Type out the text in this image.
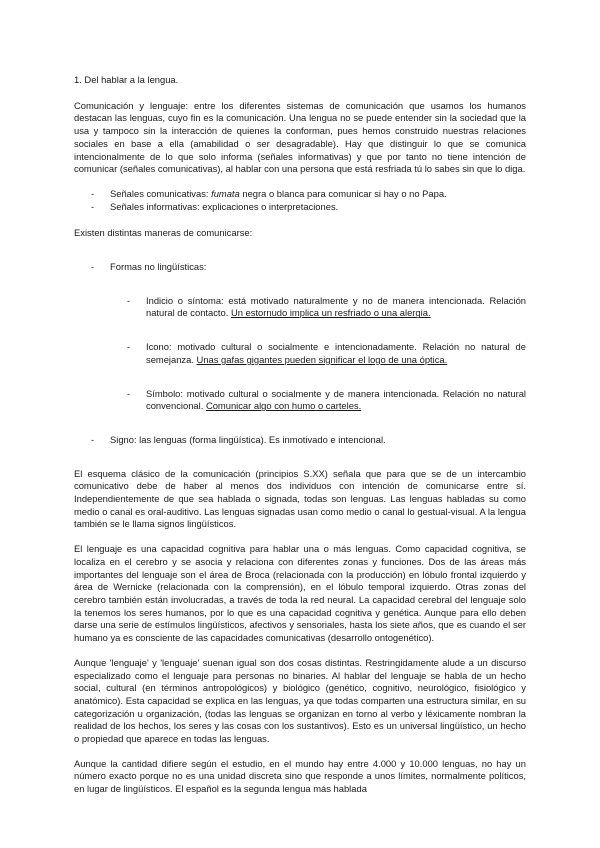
1. Del hablar a la lengua.

Comunicación y lenguaje: entre los diferentes sistemas de comunicación que usamos los humanos destacan las lenguas, cuyo fin es la comunicación. Una lengua no se puede entender sin la sociedad que la usa y tampoco sin la interacción de quienes la conforman, pues hemos construido nuestras relaciones sociales en base a ella (amabilidad o ser desagradable). Hay que distinguir lo que se comunica intencionalmente de lo que solo informa (señales informativas) y que por tanto no tiene intención de comunicar (señales comunicativas), al hablar con una persona que está resfriada tú lo sabes sin que lo diga.

- Señales comunicativas: fumata negra o blanca para comunicar si hay o no Papa.
- Señales informativas: explicaciones o interpretaciones.

Existen distintas maneras de comunicarse:

- Formas no lingüísticas:
- Indicio o síntoma: está motivado naturalmente y no de manera intencionada. Relación natural de contacto. Un estornudo implica un resfriado o una alergia.
- Icono: motivado cultural o socialmente e intencionadamente. Relación no natural de semejanza. Unas gafas gigantes pueden significar el logo de una óptica.
- Símbolo: motivado cultural o socialmente y de manera intencionada. Relación no natural convencional. Comunicar algo con humo o carteles.
- Signo: las lenguas (forma lingüística). Es inmotivado e intencional.

El esquema clásico de la comunicación (principios S.XX) señala que para que se de un intercambio comunicativo debe de haber al menos dos individuos con intención de comunicarse entre sí. Independientemente de que sea hablada o signada, todas son lenguas. Las lenguas habladas su como medio o canal es oral-auditivo. Las lenguas signadas usan como medio o canal lo gestual-visual. A la lengua también se le llama signos lingüísticos.

El lenguaje es una capacidad cognitiva para hablar una o más lenguas. Como capacidad cognitiva, se localiza en el cerebro y se asocia y relaciona con diferentes zonas y funciones. Dos de las áreas más importantes del lenguaje son el área de Broca (relacionada con la producción) en lóbulo frontal izquierdo y área de Wernicke (relacionada con la comprensión), en el lóbulo temporal izquierdo. Otras zonas del cerebro también están involucradas, a través de toda la red neural. La capacidad cerebral del lenguaje solo la tenemos los seres humanos, por lo que es una capacidad cognitiva y genética. Aunque para ello deben darse una serie de estímulos lingüísticos, afectivos y sensoriales, hasta los siete años, que es cuando el ser humano ya es consciente de las capacidades comunicativas (desarrollo ontogenético).

Aunque 'lenguaje' y 'lenguaje' suenan igual son dos cosas distintas. Restringidamente alude a un discurso especializado como el lenguaje para personas no binaries. Al hablar del lenguaje se habla de un hecho social, cultural (en términos antropológicos) y biológico (genético, cognitivo, neurológico, fisiológico y anatómico). Esta capacidad se explica en las lenguas, ya que todas comparten una estructura similar, en su categorización u organización, (todas las lenguas se organizan en torno al verbo y léxicamente nombran la realidad de los hechos, los seres y las cosas con los sustantivos). Esto es un universal lingüístico, un hecho o propiedad que aparece en todas las lenguas.

Aunque la cantidad difiere según el estudio, en el mundo hay entre 4.000 y 10.000 lenguas, no hay un número exacto porque no es una unidad discreta sino que responde a unos límites, normalmente políticos, en lugar de lingüísticos. El español es la segunda lengua más hablada
